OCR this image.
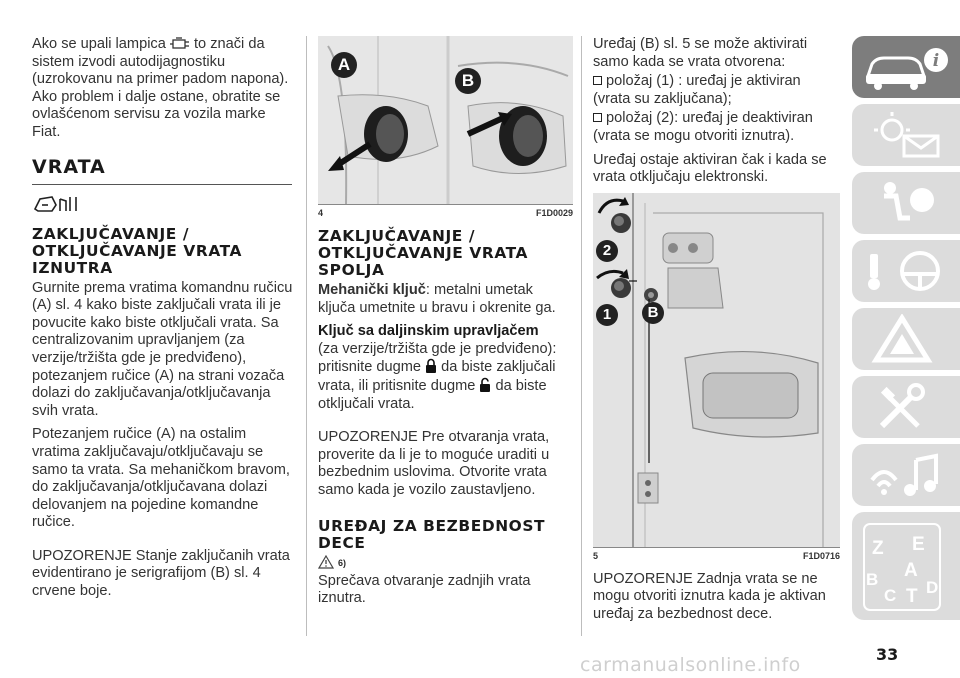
Ako se upali lampica to znači da sistem izvodi autodijagnostiku (uzrokovanu na primer padom napona). Ako problem i dalje ostane, obratite se ovlašćenom servisu za vozila marke Fiat.

VRATA
ZAKLJUČAVANJE / OTKLJUČAVANJE VRATA IZNUTRA

Gurnite prema vratima komandnu ručicu (A) sl. 4 kako biste zaključali vrata ili je povucite kako biste otključali vrata. Sa centralizovanim upravljanjem (za verzije/tržišta gde je predviđeno), potezanjem ručice (A) na strani vozača dolazi do zaključavanja/otključavanja svih vrata.

Potezanjem ručice (A) na ostalim vratima zaključavaju/otključavaju se samo ta vrata. Sa mehaničkom bravom, do zaključavanja/otključavana dolazi delovanjem na pojedine komandne ručice.

UPOZORENJE Stanje zaključanih vrata evidentirano je serigrafijom (B) sl. 4 crvene boje.

A
B
4	F1D0029
ZAKLJUČAVANJE / OTKLJUČAVANJE VRATA SPOLJA

Mehanički ključ: metalni umetak ključa umetnite u bravu i okrenite ga.

Ključ sa daljinskim upravljačem
(za verzije/tržišta gde je predviđeno): pritisnite dugme da biste zaključali vrata, ili pritisnite dugme da biste otključali vrata.

UPOZORENJE Pre otvaranja vrata, proverite da li je to moguće uraditi u bezbednim uslovima. Otvorite vrata samo kada je vozilo zaustavljeno.

UREĐAJ ZA BEZBEDNOST DECE
6)

Sprečava otvaranje zadnjih vrata iznutra.

Uređaj (B) sl. 5 se može aktivirati samo kada se vrata otvorena:

položaj (1) : uređaj je aktiviran (vrata su zaključana);

položaj (2): uređaj je deaktiviran (vrata se mogu otvoriti iznutra).

Uređaj ostaje aktiviran čak i kada se vrata otključaju elektronski.

2
1	B
5	F1D0716

UPOZORENJE Zadnja vrata se ne mogu otvoriti iznutra kada je aktivan uređaj za bezbednost dece.

i
Z E
A
B
C T D
carmanualsonline.info	33
